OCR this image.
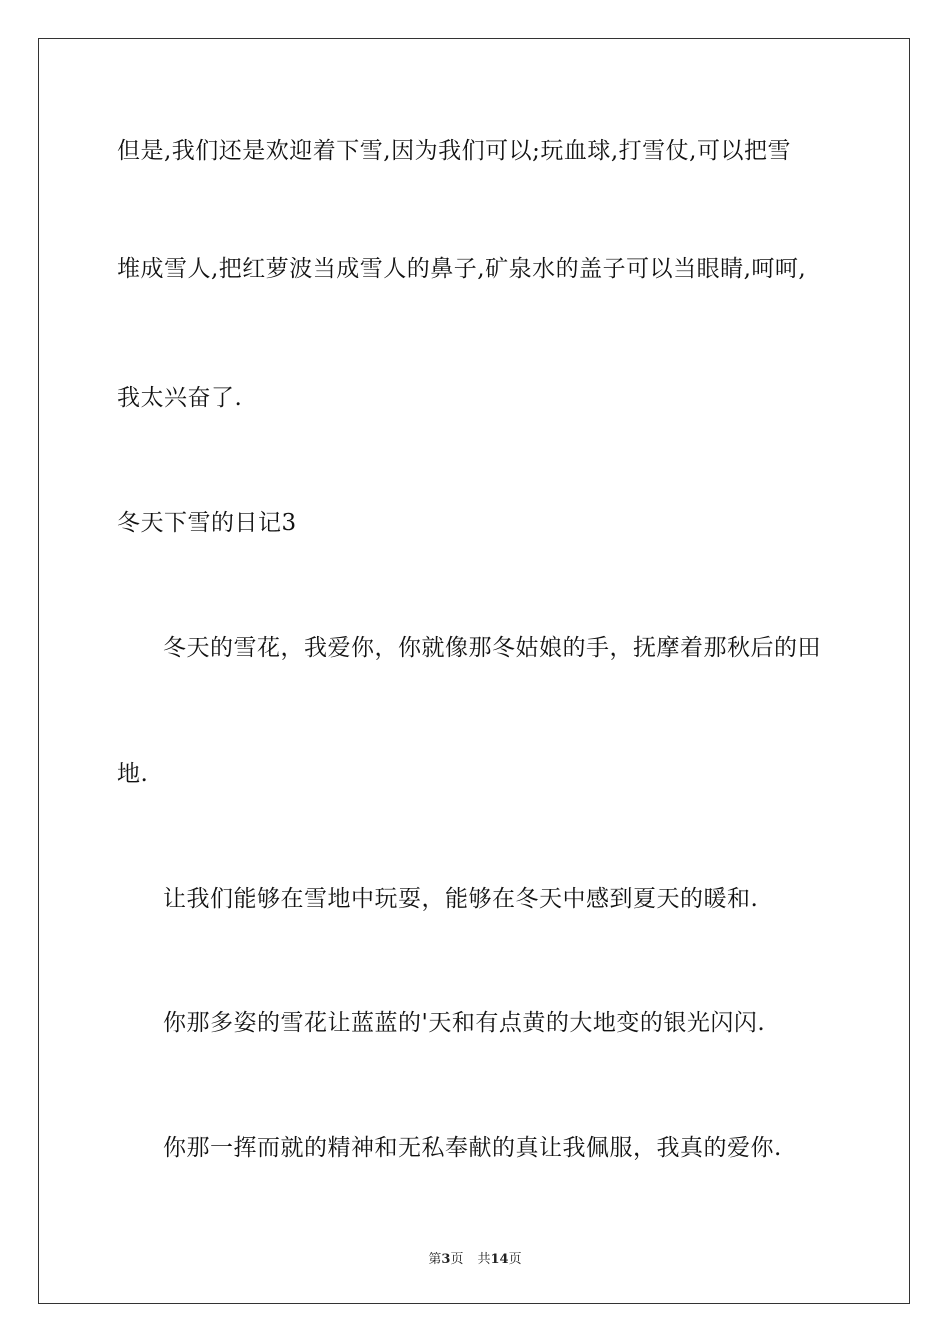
但是,我们还是欢迎着下雪,因为我们可以;玩血球,打雪仗,可以把雪
堆成雪人,把红萝波当成雪人的鼻子,矿泉水的盖子可以当眼睛,呵呵,
我太兴奋了.
冬天下雪的日记3
冬天的雪花，我爱你，你就像那冬姑娘的手，抚摩着那秋后的田
地.
让我们能够在雪地中玩耍，能够在冬天中感到夏天的暖和.
你那多姿的雪花让蓝蓝的'天和有点黄的大地变的银光闪闪.
你那一挥而就的精神和无私奉献的真让我佩服，我真的爱你.
第3页 共14页
